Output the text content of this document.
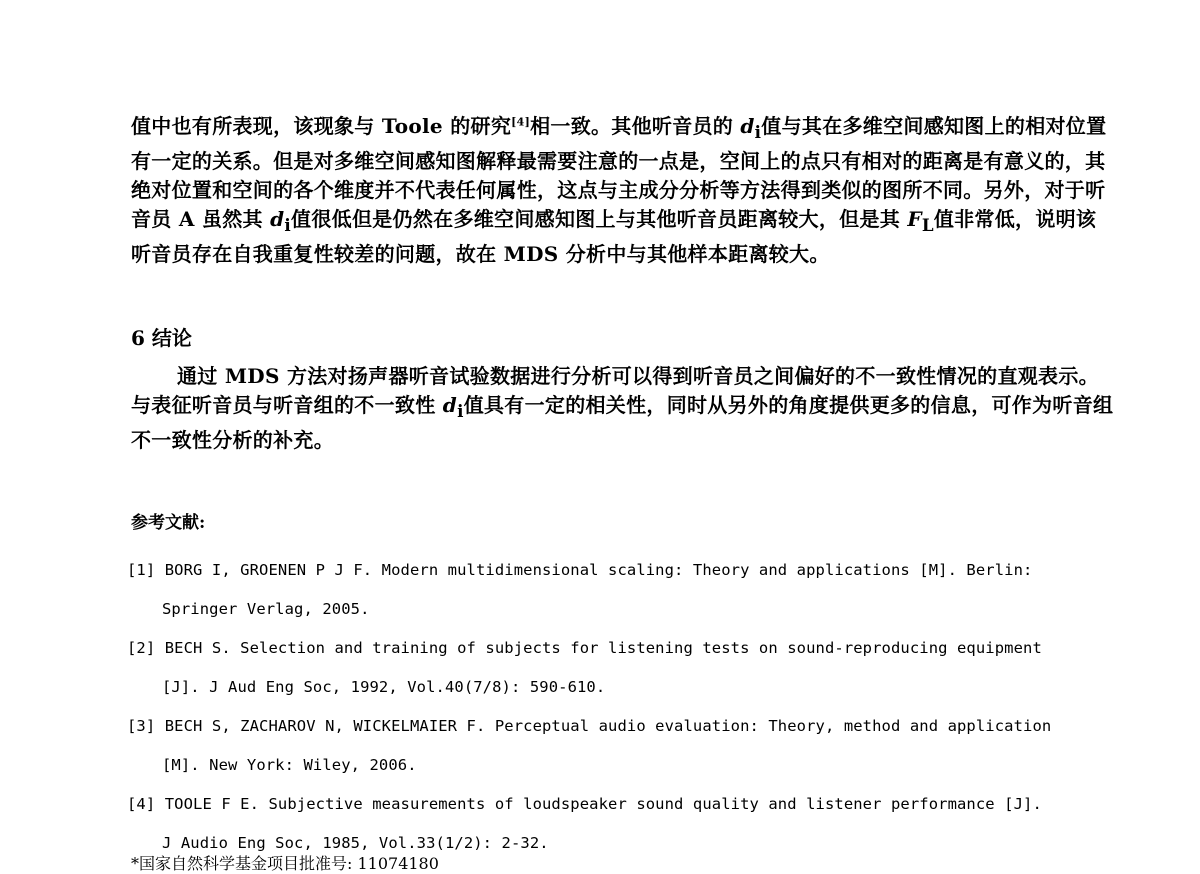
值中也有所表现，该现象与 Toole 的研究[4]相一致。其他听音员的 $d_i$值与其在多维空间感知图上的相对位置有一定的关系。但是对多维空间感知图解释最需要注意的一点是，空间上的点只有相对的距离是有意义的，其绝对位置和空间的各个维度并不代表任何属性，这点与主成分分析等方法得到类似的图所不同。另外，对于听音员 A 虽然其 $d_i$值很低但是仍然在多维空间感知图上与其他听音员距离较大，但是其 $F_L$值非常低，说明该听音员存在自我重复性较差的问题，故在 MDS 分析中与其他样本距离较大。
6 结论
通过 MDS 方法对扬声器听音试验数据进行分析可以得到听音员之间偏好的不一致性情况的直观表示。与表征听音员与听音组的不一致性 $d_i$值具有一定的相关性，同时从另外的角度提供更多的信息，可作为听音组不一致性分析的补充。
参考文献:
[1] BORG I, GROENEN P J F. Modern multidimensional scaling: Theory and applications [M]. Berlin:
Springer Verlag, 2005.
[2] BECH S. Selection and training of subjects for listening tests on sound-reproducing equipment
[J]. J Aud Eng Soc, 1992, Vol.40(7/8): 590-610.
[3] BECH S, ZACHAROV N, WICKELMAIER F. Perceptual audio evaluation: Theory, method and application
[M]. New York: Wiley, 2006.
[4] TOOLE F E. Subjective measurements of loudspeaker sound quality and listener performance [J].
J Audio Eng Soc, 1985, Vol.33(1/2): 2-32.
*国家自然科学基金项目批准号: 11074180
